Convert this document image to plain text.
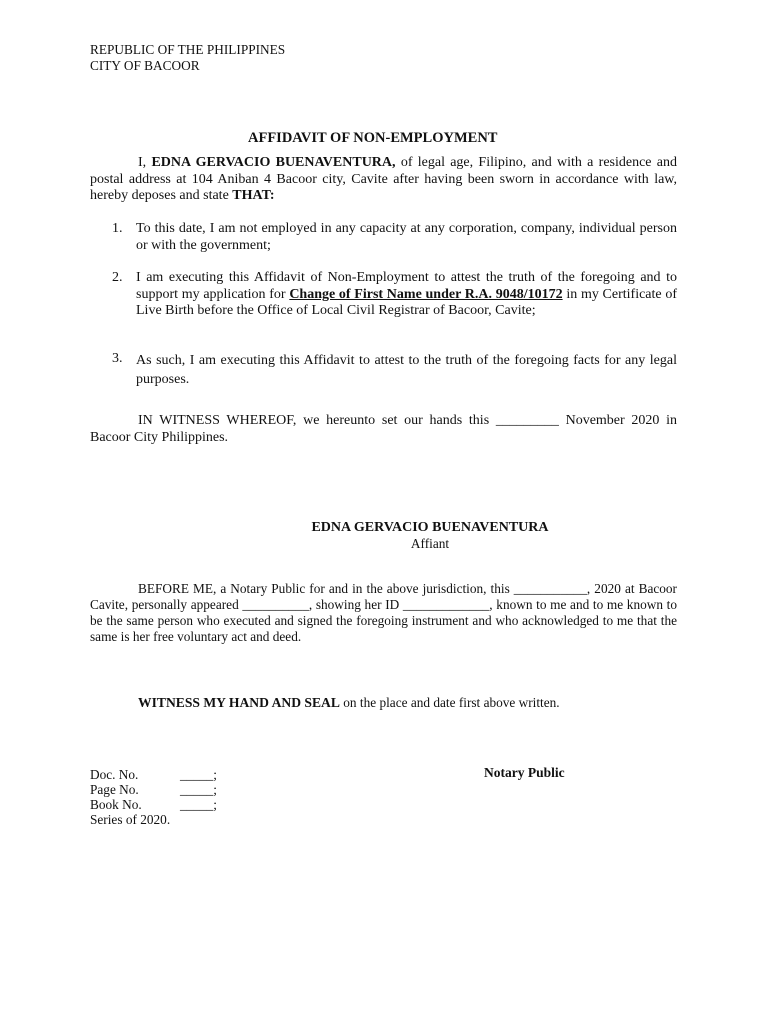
REPUBLIC OF THE PHILIPPINES
CITY OF BACOOR
AFFIDAVIT OF NON-EMPLOYMENT
I, EDNA GERVACIO BUENAVENTURA, of legal age, Filipino, and with a residence and postal address at 104 Aniban 4 Bacoor city, Cavite after having been sworn in accordance with law, hereby deposes and state THAT:
1. To this date, I am not employed in any capacity at any corporation, company, individual person or with the government;
2. I am executing this Affidavit of Non-Employment to attest the truth of the foregoing and to support my application for Change of First Name under R.A. 9048/10172 in my Certificate of Live Birth before the Office of Local Civil Registrar of Bacoor, Cavite;
3. As such, I am executing this Affidavit to attest to the truth of the foregoing facts for any legal purposes.
IN WITNESS WHEREOF, we hereunto set our hands this _________ November 2020 in Bacoor City Philippines.
EDNA GERVACIO BUENAVENTURA
Affiant
BEFORE ME, a Notary Public for and in the above jurisdiction, this ___________, 2020 at Bacoor Cavite, personally appeared __________, showing her ID _____________, known to me and to me known to be the same person who executed and signed the foregoing instrument and who acknowledged to me that the same is her free voluntary act and deed.
WITNESS MY HAND AND SEAL on the place and date first above written.
Doc. No.	_____;
Page No.	_____;
Book No.	_____;
Series of 2020.
Notary Public
